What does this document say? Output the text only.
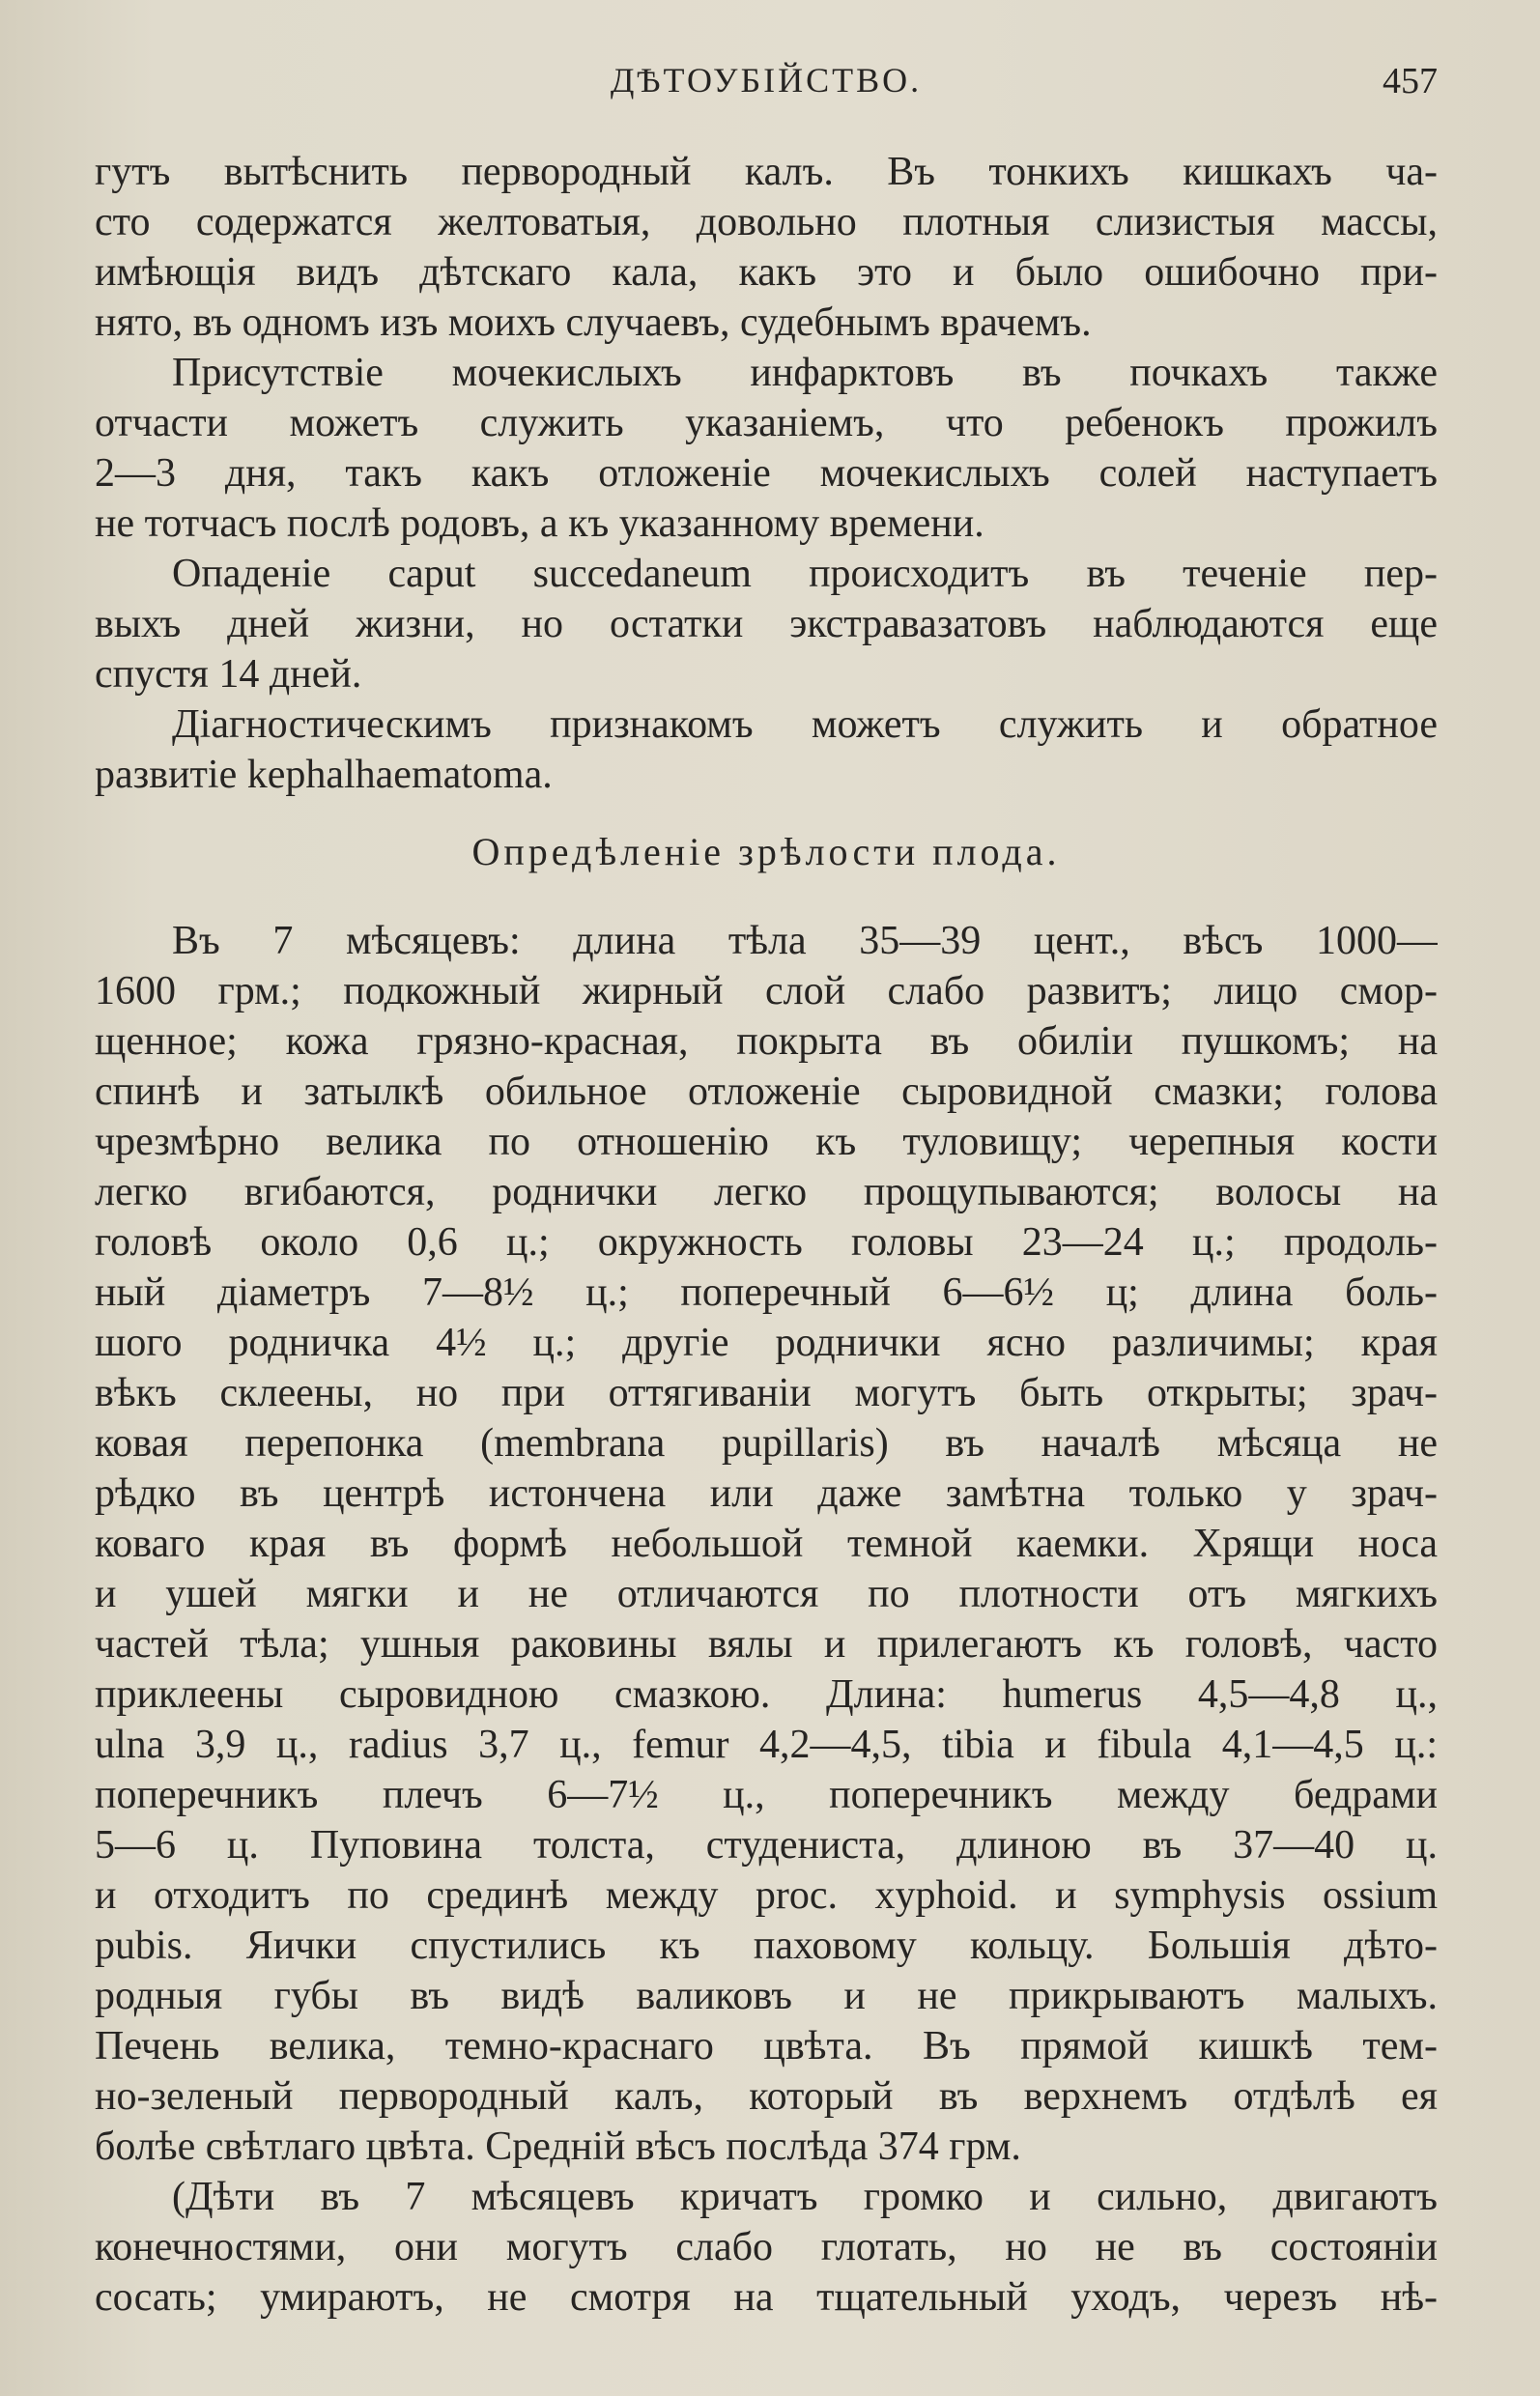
ДѢТОУБІЙСТВО.	457
гутъ вытѣснить первородный калъ. Въ тонкихъ кишкахъ ча-
сто содержатся желтоватыя, довольно плотныя слизистыя массы,
имѣющія видъ дѣтскаго кала, какъ это и было ошибочно при-
нято, въ одномъ изъ моихъ случаевъ, судебнымъ врачемъ.
Присутствіе мочекислыхъ инфарктовъ въ почкахъ также
отчасти можетъ служить указаніемъ, что ребенокъ прожилъ
2—3 дня, такъ какъ отложеніе мочекислыхъ солей наступаетъ
не тотчасъ послѣ родовъ, а къ указанному времени.
Опаденіе caput succedaneum происходитъ въ теченіе пер-
выхъ дней жизни, но остатки экстравазатовъ наблюдаются еще
спустя 14 дней.
Діагностическимъ признакомъ можетъ служить и обратное
развитіе kephalhaematoma.
Опредѣленіе зрѣлости плода.
Въ 7 мѣсяцевъ: длина тѣла 35—39 цент., вѣсъ 1000—
1600 грм.; подкожный жирный слой слабо развитъ; лицо смор-
щенное; кожа грязно-красная, покрыта въ обиліи пушкомъ; на
спинѣ и затылкѣ обильное отложеніе сыровидной смазки; голова
чрезмѣрно велика по отношенію къ туловищу; черепныя кости
легко вгибаются, роднички легко прощупываются; волосы на
головѣ около 0,6 ц.; окружность головы 23—24 ц.; продоль-
ный діаметръ 7—8½ ц.; поперечный 6—6½ ц; длина боль-
шого родничка 4½ ц.; другіе роднички ясно различимы; края
вѣкъ склеены, но при оттягиваніи могутъ быть открыты; зрач-
ковая перепонка (membrana pupillaris) въ началѣ мѣсяца не
рѣдко въ центрѣ истончена или даже замѣтна только у зрач-
коваго края въ формѣ небольшой темной каемки. Хрящи носа
и ушей мягки и не отличаются по плотности отъ мягкихъ
частей тѣла; ушныя раковины вялы и прилегаютъ къ головѣ, часто
приклеены сыровидною смазкою. Длина: humerus 4,5—4,8 ц.,
ulna 3,9 ц., radius 3,7 ц., femur 4,2—4,5, tibia и fibula 4,1—4,5 ц.:
поперечникъ плечъ 6—7½ ц., поперечникъ между бедрами
5—6 ц. Пуповина толста, студениста, длиною въ 37—40 ц.
и отходитъ по срединѣ между proc. xyphoid. и symphysis ossium
pubis. Яички спустились къ паховому кольцу. Большія дѣто-
родныя губы въ видѣ валиковъ и не прикрываютъ малыхъ.
Печень велика, темно-краснаго цвѣта. Въ прямой кишкѣ тем-
но-зеленый первородный калъ, который въ верхнемъ отдѣлѣ ея
болѣе свѣтлаго цвѣта. Средній вѣсъ послѣда 374 грм.
(Дѣти въ 7 мѣсяцевъ кричатъ громко и сильно, двигаютъ
конечностями, они могутъ слабо глотать, но не въ состояніи
сосать; умираютъ, не смотря на тщательный уходъ, черезъ нѣ-
